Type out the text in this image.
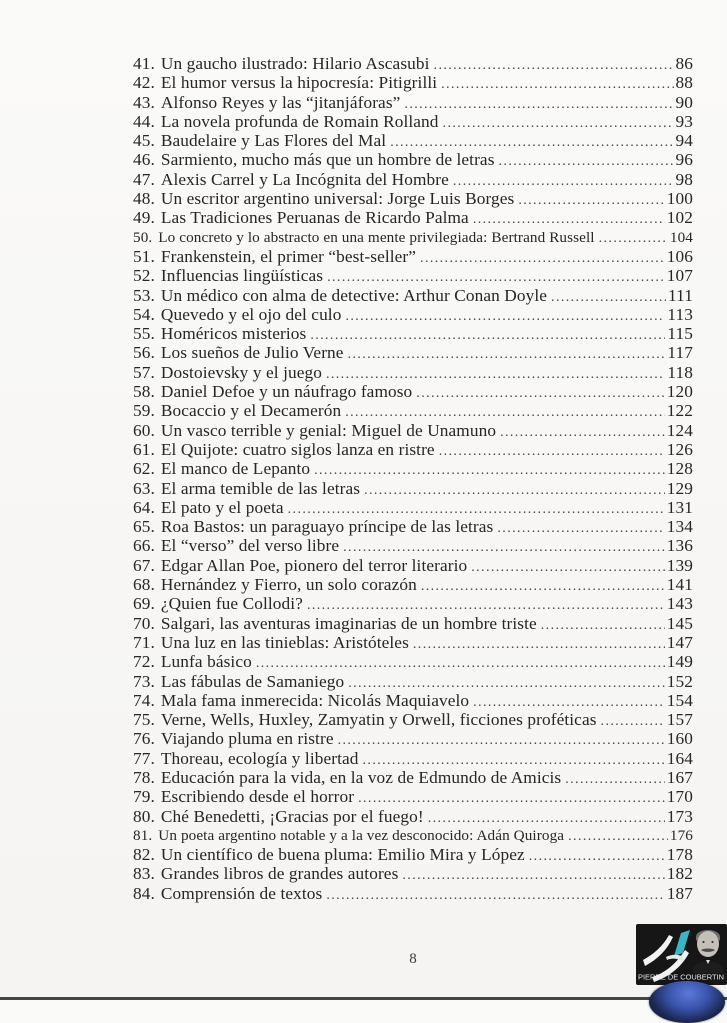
41. Un gaucho ilustrado: Hilario Ascasubi .....	86
42. El humor versus la hipocresía: Pitigrilli .....	88
43. Alfonso Reyes y las “jitanjáforas” .....	90
44. La novela profunda de Romain Rolland .....	93
45. Baudelaire y Las Flores del Mal .....	94
46. Sarmiento, mucho más que un hombre de letras .....	96
47. Alexis Carrel y La Incógnita del Hombre .....	98
48. Un escritor argentino universal: Jorge Luis Borges .....	100
49. Las Tradiciones Peruanas de Ricardo Palma .....	102
50. Lo concreto y lo abstracto en una mente privilegiada: Bertrand Russell .....	104
51. Frankenstein, el primer “best-seller” .....	106
52. Influencias lingüísticas .....	107
53. Un médico con alma de detective: Arthur Conan Doyle .....	111
54. Quevedo y el ojo del culo .....	113
55. Homéricos misterios .....	115
56. Los sueños de Julio Verne .....	117
57. Dostoievsky y el juego .....	118
58. Daniel Defoe y un náufrago famoso .....	120
59. Bocaccio y el Decamerón .....	122
60. Un vasco terrible y genial: Miguel de Unamuno .....	124
61. El Quijote: cuatro siglos lanza en ristre .....	126
62. El manco de Lepanto .....	128
63. El arma temible de las letras .....	129
64. El pato y el poeta .....	131
65. Roa Bastos: un paraguayo príncipe de las letras .....	134
66. El “verso” del verso libre .....	136
67. Edgar Allan Poe, pionero del terror literario .....	139
68. Hernández y Fierro, un solo corazón .....	141
69. ¿Quien fue Collodi? .....	143
70. Salgari, las aventuras imaginarias de un hombre triste .....	145
71. Una luz en las tinieblas: Aristóteles .....	147
72. Lunfa básico .....	149
73. Las fábulas de Samaniego .....	152
74. Mala fama inmerecida: Nicolás Maquiavelo .....	154
75. Verne, Wells, Huxley, Zamyatin y Orwell, ficciones proféticas .....	157
76. Viajando pluma en ristre .....	160
77. Thoreau, ecología y libertad .....	164
78. Educación para la vida, en la voz de Edmundo de Amicis .....	167
79. Escribiendo desde el horror .....	170
80. Ché Benedetti, ¡Gracias por el fuego! .....	173
81. Un poeta argentino notable y a la vez desconocido: Adán Quiroga .....	176
82. Un científico de buena pluma: Emilio Mira y López .....	178
83. Grandes libros de grandes autores .....	182
84. Comprensión de textos .....	187
8
PIERRE DE COUBERTIN
